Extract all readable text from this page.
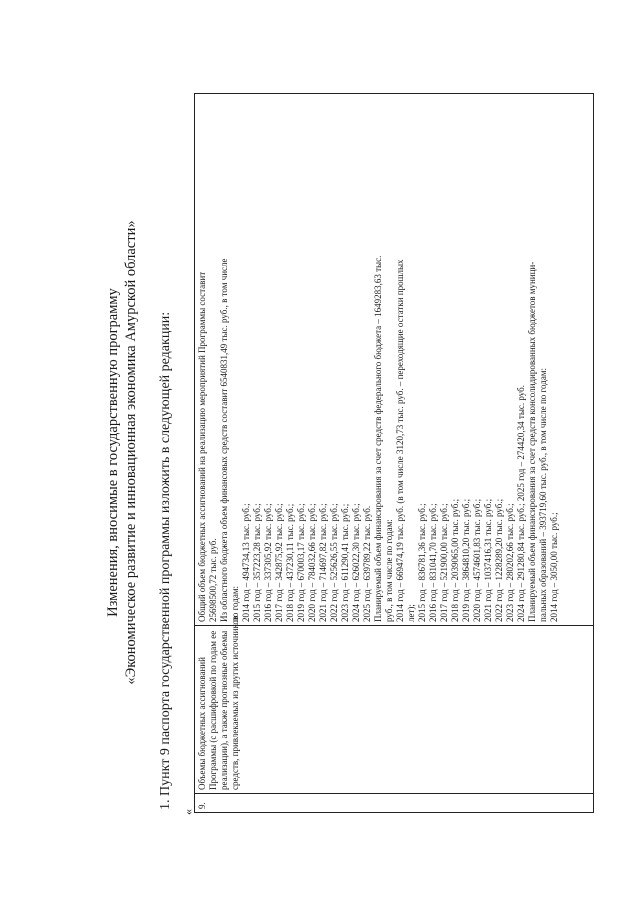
Изменения, вносимые в государственную программу «Экономическое развитие и инновационная экономика Амурской области» 1. Пункт 9 паспорта государственной программы изложить в следующей редакции:
«
9.
Объемы бюджетных ассигнований Программы (с расшифровкой по годам ее реализации), а также прогнозные объемы средств, привлекаемых из других источников
Общий объем бюджетных ассигнований на реализацию мероприятий Программы составит 25698500,72 тыс. руб. Из областного бюджета объем финансовых средств составит 6540831,49 тыс. руб., в том числе по годам: 2014 год – 494734,13 тыс. руб.; 2015 год – 357223,28 тыс. руб.; 2016 год – 337305,92 тыс. руб.; 2017 год – 342875,92 тыс. руб.; 2018 год – 437230,11 тыс. руб.; 2019 год – 670003,17 тыс. руб.; 2020 год – 784032,66 тыс. руб.; 2021 год – 714697,82 тыс. руб.; 2022 год – 525626,55 тыс. руб.; 2023 год – 611290,41 тыс. руб.; 2024 год – 626022,30 тыс. руб.; 2025 год – 639789,22 тыс. руб. Планируемый объем финансирования за счет средств федерального бюджета – 1649283,63 тыс. руб., в том числе по годам: 2014 год – 669474,19 тыс. руб. (в том числе 3120,73 тыс. руб. – переходящие остатки прошлых лет); 2015 год – 836781,36 тыс. руб.; 2016 год – 831041,70 тыс. руб.; 2017 год – 521900,00 тыс. руб.; 2018 год – 2039065,00 тыс. руб.; 2019 год – 3864810,20 тыс. руб.; 2020 год – 4574601,83 тыс. руб.; 2021 год – 1037416,31 тыс. руб.; 2022 год – 1228289,20 тыс. руб.; 2023 год – 280202,66 тыс. руб.; 2024 год – 291280,84 тыс. руб.; 2025 год – 274420,34 тыс. руб. Планируемый объем финансирования за счет средств консолидированных бюджетов муници- пальных образований – 393719,60 тыс. руб., в том числе по годам: 2014 год – 3050,00 тыс. руб.;
